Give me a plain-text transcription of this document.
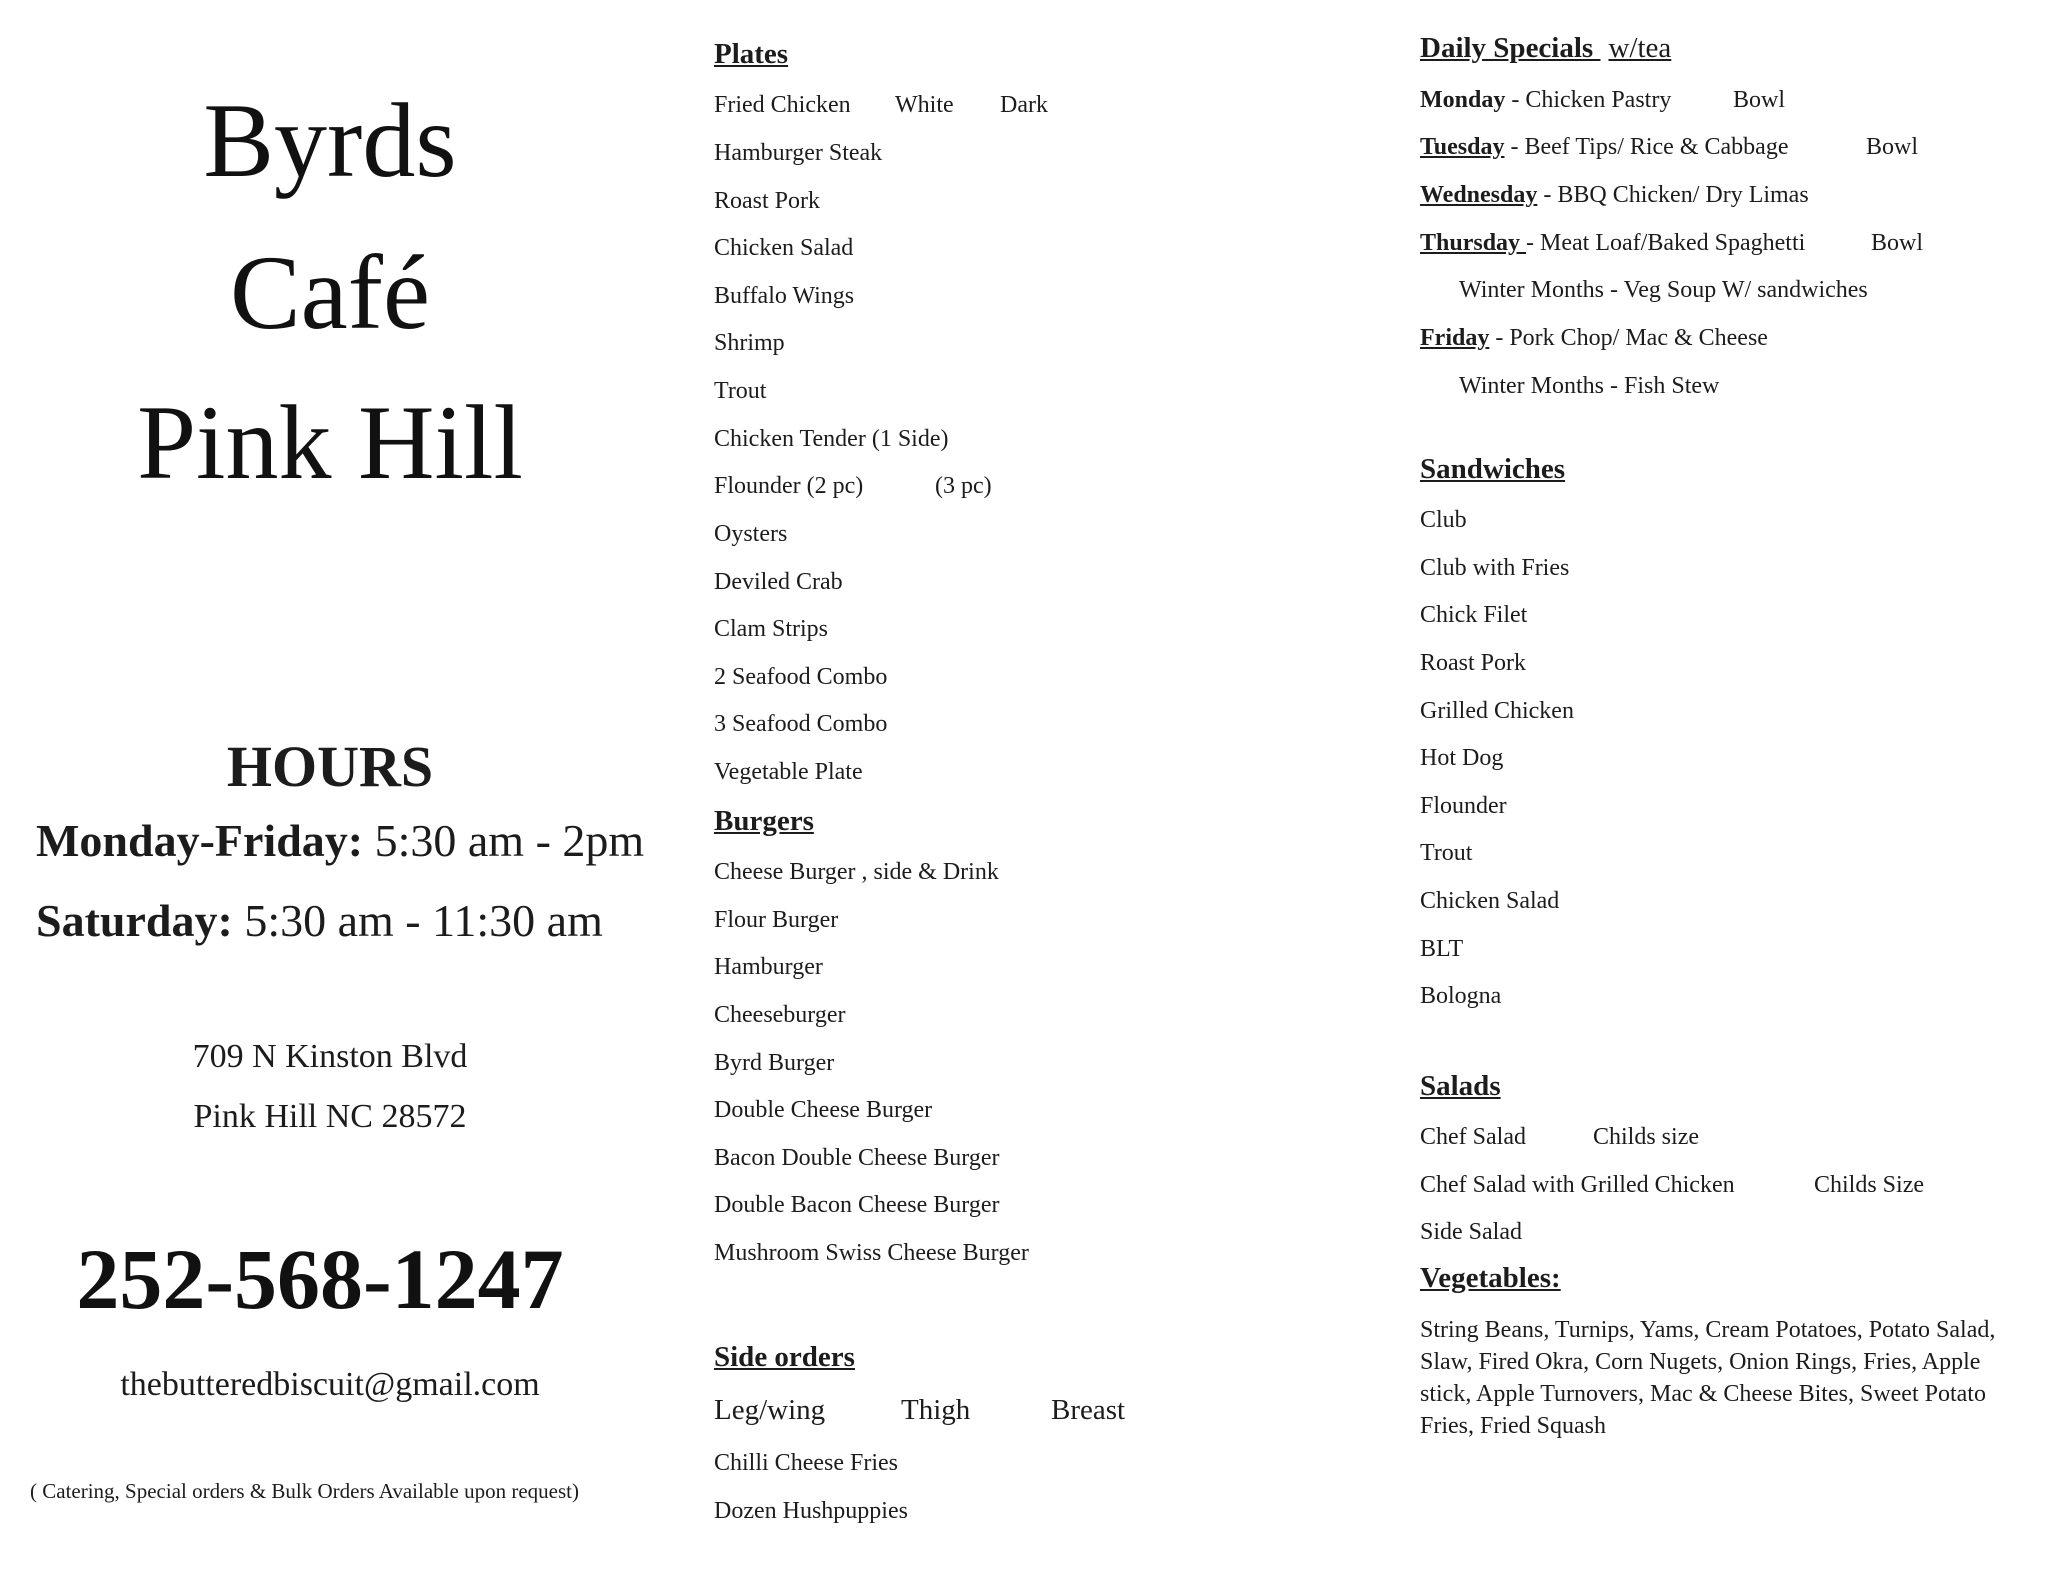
Byrds
Café
Pink Hill
HOURS
Monday-Friday: 5:30 am - 2pm
Saturday: 5:30 am - 11:30 am
709 N Kinston Blvd
Pink Hill NC 28572
252-568-1247
thebutteredbiscuit@gmail.com
( Catering, Special orders & Bulk Orders Available upon request)
Plates
Fried Chicken White Dark
Hamburger Steak
Roast Pork
Chicken Salad
Buffalo Wings
Shrimp
Trout
Chicken Tender (1 Side)
Flounder (2 pc)	(3 pc)
Oysters
Deviled Crab
Clam Strips
2 Seafood Combo
3 Seafood Combo
Vegetable Plate
Burgers
Cheese Burger , side & Drink
Flour Burger
Hamburger
Cheeseburger
Byrd Burger
Double Cheese Burger
Bacon Double Cheese Burger
Double Bacon Cheese Burger
Mushroom Swiss Cheese Burger
Side orders
Leg/wing	Thigh	Breast
Chilli Cheese Fries
Dozen Hushpuppies
Daily Specials w/tea
Monday - Chicken Pastry	Bowl
Tuesday - Beef Tips/ Rice & Cabbage	Bowl
Wednesday - BBQ Chicken/ Dry Limas
Thursday - Meat Loaf/Baked Spaghetti	Bowl
Winter Months - Veg Soup W/ sandwiches
Friday - Pork Chop/ Mac & Cheese
Winter Months - Fish Stew
Sandwiches
Club
Club with Fries
Chick Filet
Roast Pork
Grilled Chicken
Hot Dog
Flounder
Trout
Chicken Salad
BLT
Bologna
Salads
Chef Salad	Childs size
Chef Salad with Grilled Chicken	Childs Size
Side Salad
Vegetables:
String Beans, Turnips, Yams, Cream Potatoes, Potato Salad, Slaw, Fired Okra, Corn Nugets, Onion Rings, Fries, Apple stick, Apple Turnovers, Mac & Cheese Bites, Sweet Potato Fries, Fried Squash
